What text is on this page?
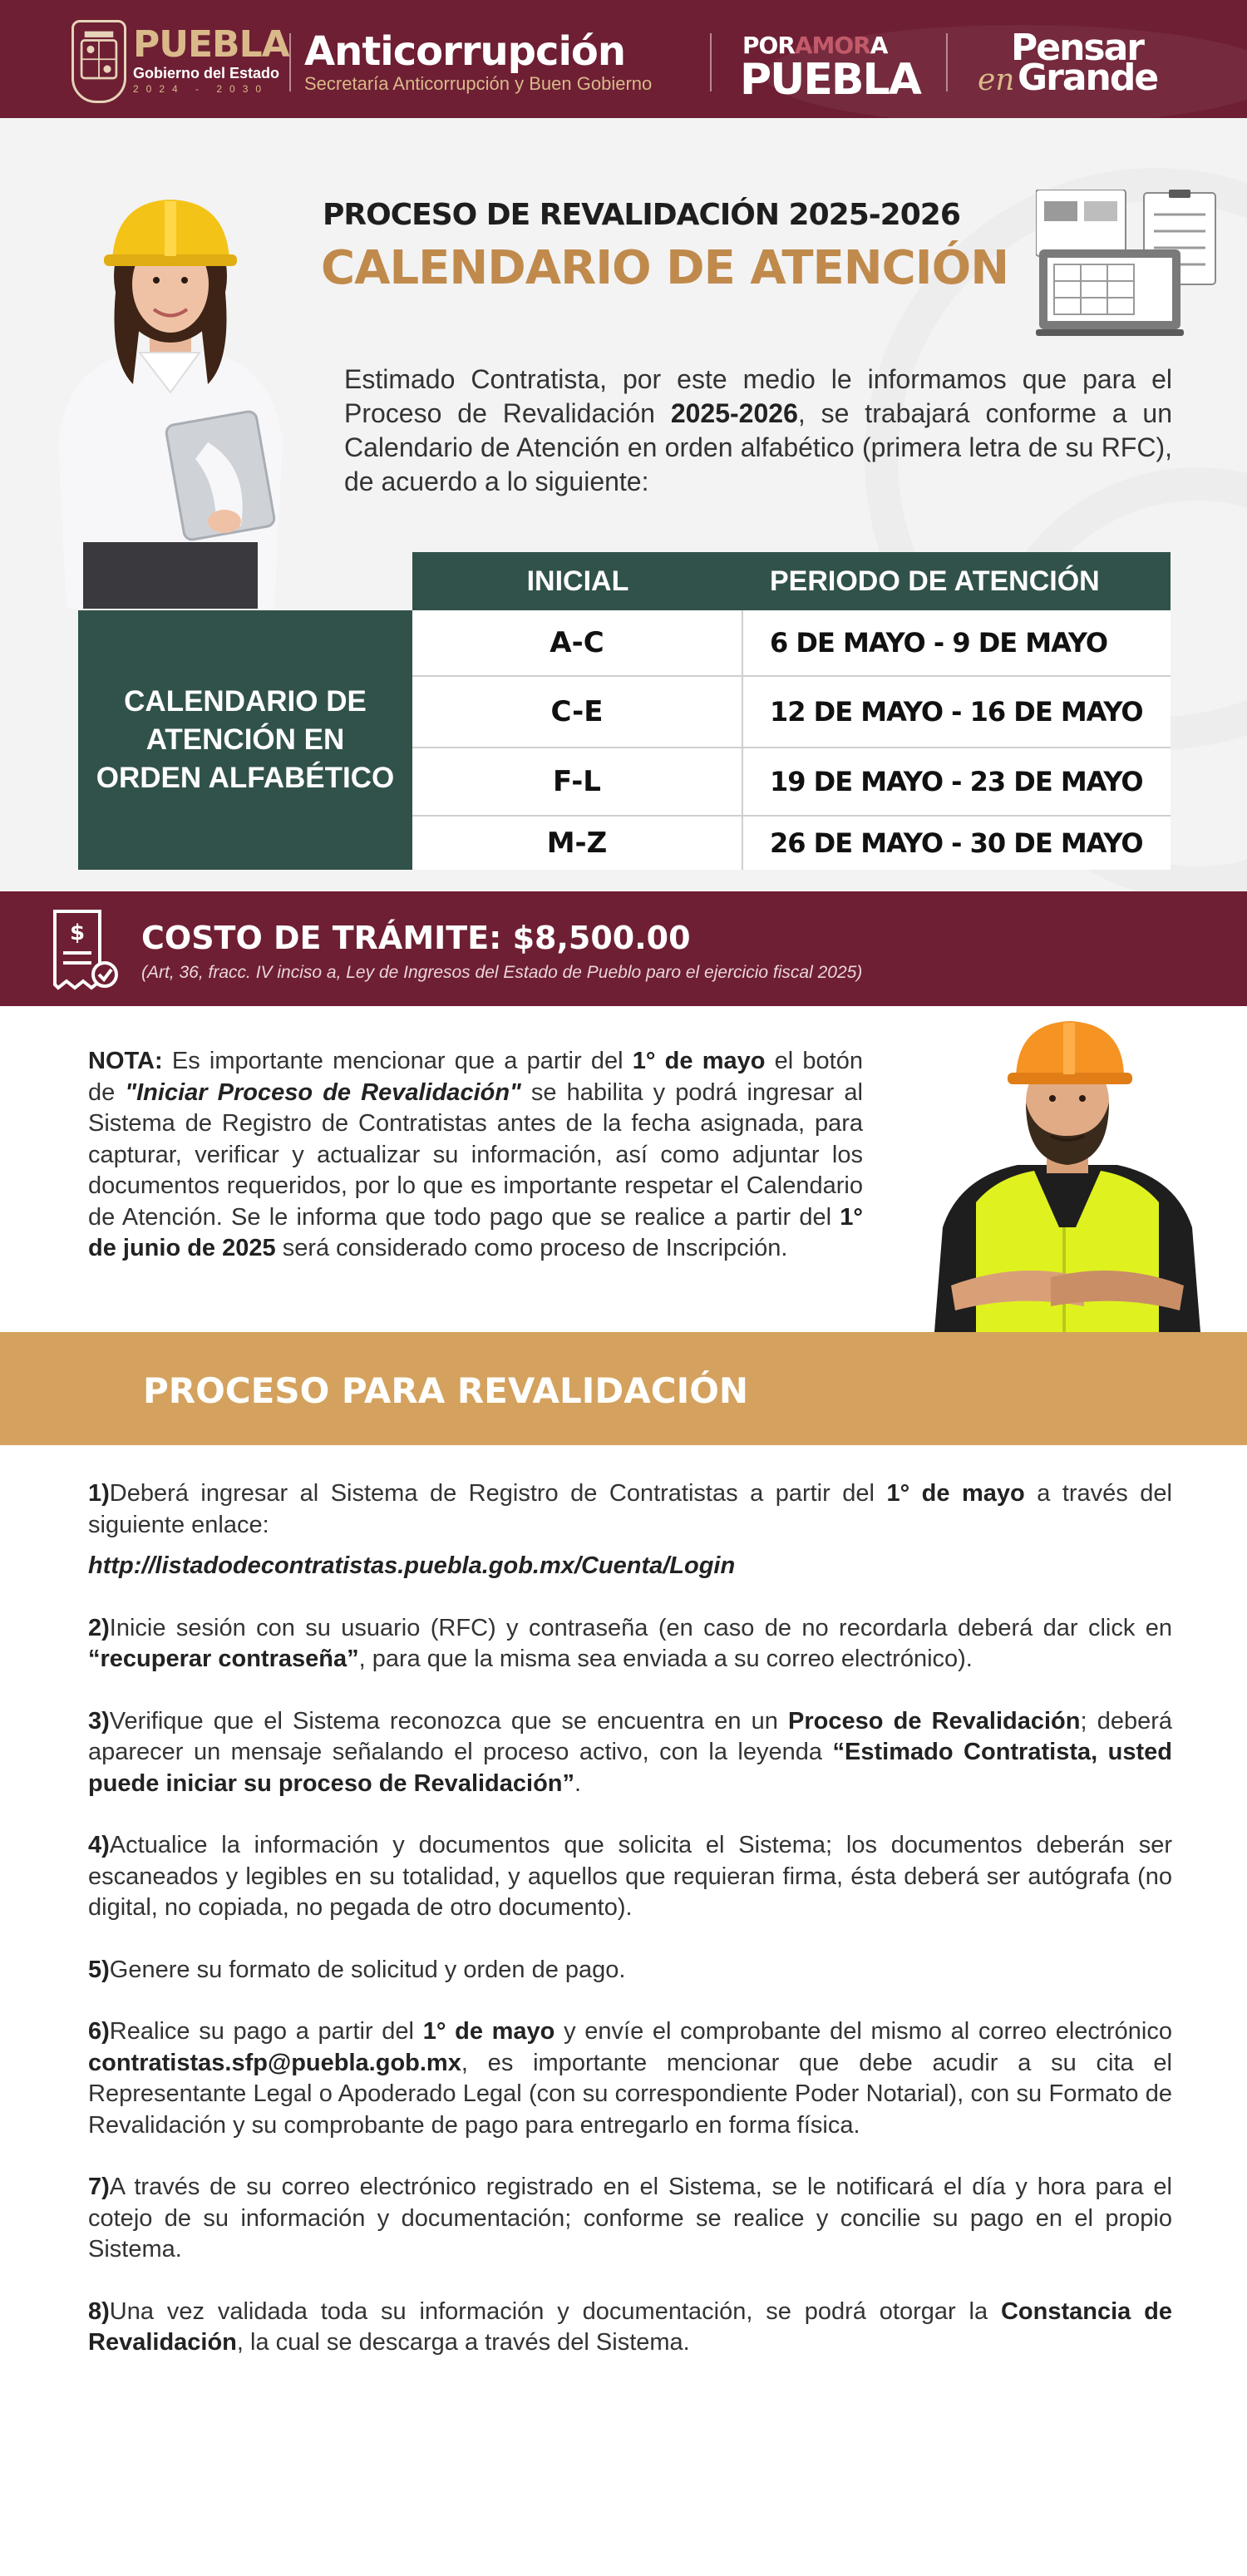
PUEBLA
Gobierno del Estado
2024 - 2030
Anticorrupción
Secretaría Anticorrupción y Buen Gobierno
PORAMORA
PUEBLA
Pensar
en Grande
PROCESO DE REVALIDACIÓN 2025-2026
CALENDARIO DE ATENCIÓN
Estimado Contratista, por este medio le informamos que para el Proceso de Revalidación 2025-2026, se trabajará conforme a un Calendario de Atención en orden alfabético (primera letra de su RFC), de acuerdo a lo siguiente:
INICIAL	PERIODO DE ATENCIÓN
CALENDARIO DE ATENCIÓN EN ORDEN ALFABÉTICO
A-C	6 DE MAYO - 9 DE MAYO
C-E	12 DE MAYO - 16 DE MAYO
F-L	19 DE MAYO - 23 DE MAYO
M-Z	26 DE MAYO - 30 DE MAYO
$ COSTO DE TRÁMITE: $8,500.00
(Art, 36, fracc. IV inciso a, Ley de Ingresos del Estado de Pueblo paro el ejercicio fiscal 2025)
NOTA: Es importante mencionar que a partir del 1° de mayo el botón de "Iniciar Proceso de Revalidación" se habilita y podrá ingresar al Sistema de Registro de Contratistas antes de la fecha asignada, para capturar, verificar y actualizar su información, así como adjuntar los documentos requeridos, por lo que es importante respetar el Calendario de Atención. Se le informa que todo pago que se realice a partir del 1° de junio de 2025 será considerado como proceso de Inscripción.
PROCESO PARA REVALIDACIÓN
1)Deberá ingresar al Sistema de Registro de Contratistas a partir del 1° de mayo a través del siguiente enlace:
http://listadodecontratistas.puebla.gob.mx/Cuenta/Login
2)Inicie sesión con su usuario (RFC) y contraseña (en caso de no recordarla deberá dar click en “recuperar contraseña”, para que la misma sea enviada a su correo electrónico).
3)Verifique que el Sistema reconozca que se encuentra en un Proceso de Revalidación; deberá aparecer un mensaje señalando el proceso activo, con la leyenda “Estimado Contratista, usted puede iniciar su proceso de Revalidación”.
4)Actualice la información y documentos que solicita el Sistema; los documentos deberán ser escaneados y legibles en su totalidad, y aquellos que requieran firma, ésta deberá ser autógrafa (no digital, no copiada, no pegada de otro documento).
5)Genere su formato de solicitud y orden de pago.
6)Realice su pago a partir del 1° de mayo y envíe el comprobante del mismo al correo electrónico contratistas.sfp@puebla.gob.mx, es importante mencionar que debe acudir a su cita el Representante Legal o Apoderado Legal (con su correspondiente Poder Notarial), con su Formato de Revalidación y su comprobante de pago para entregarlo en forma física.
7)A través de su correo electrónico registrado en el Sistema, se le notificará el día y hora para el cotejo de su información y documentación; conforme se realice y concilie su pago en el propio Sistema.
8)Una vez validada toda su información y documentación, se podrá otorgar la Constancia de Revalidación, la cual se descarga a través del Sistema.
